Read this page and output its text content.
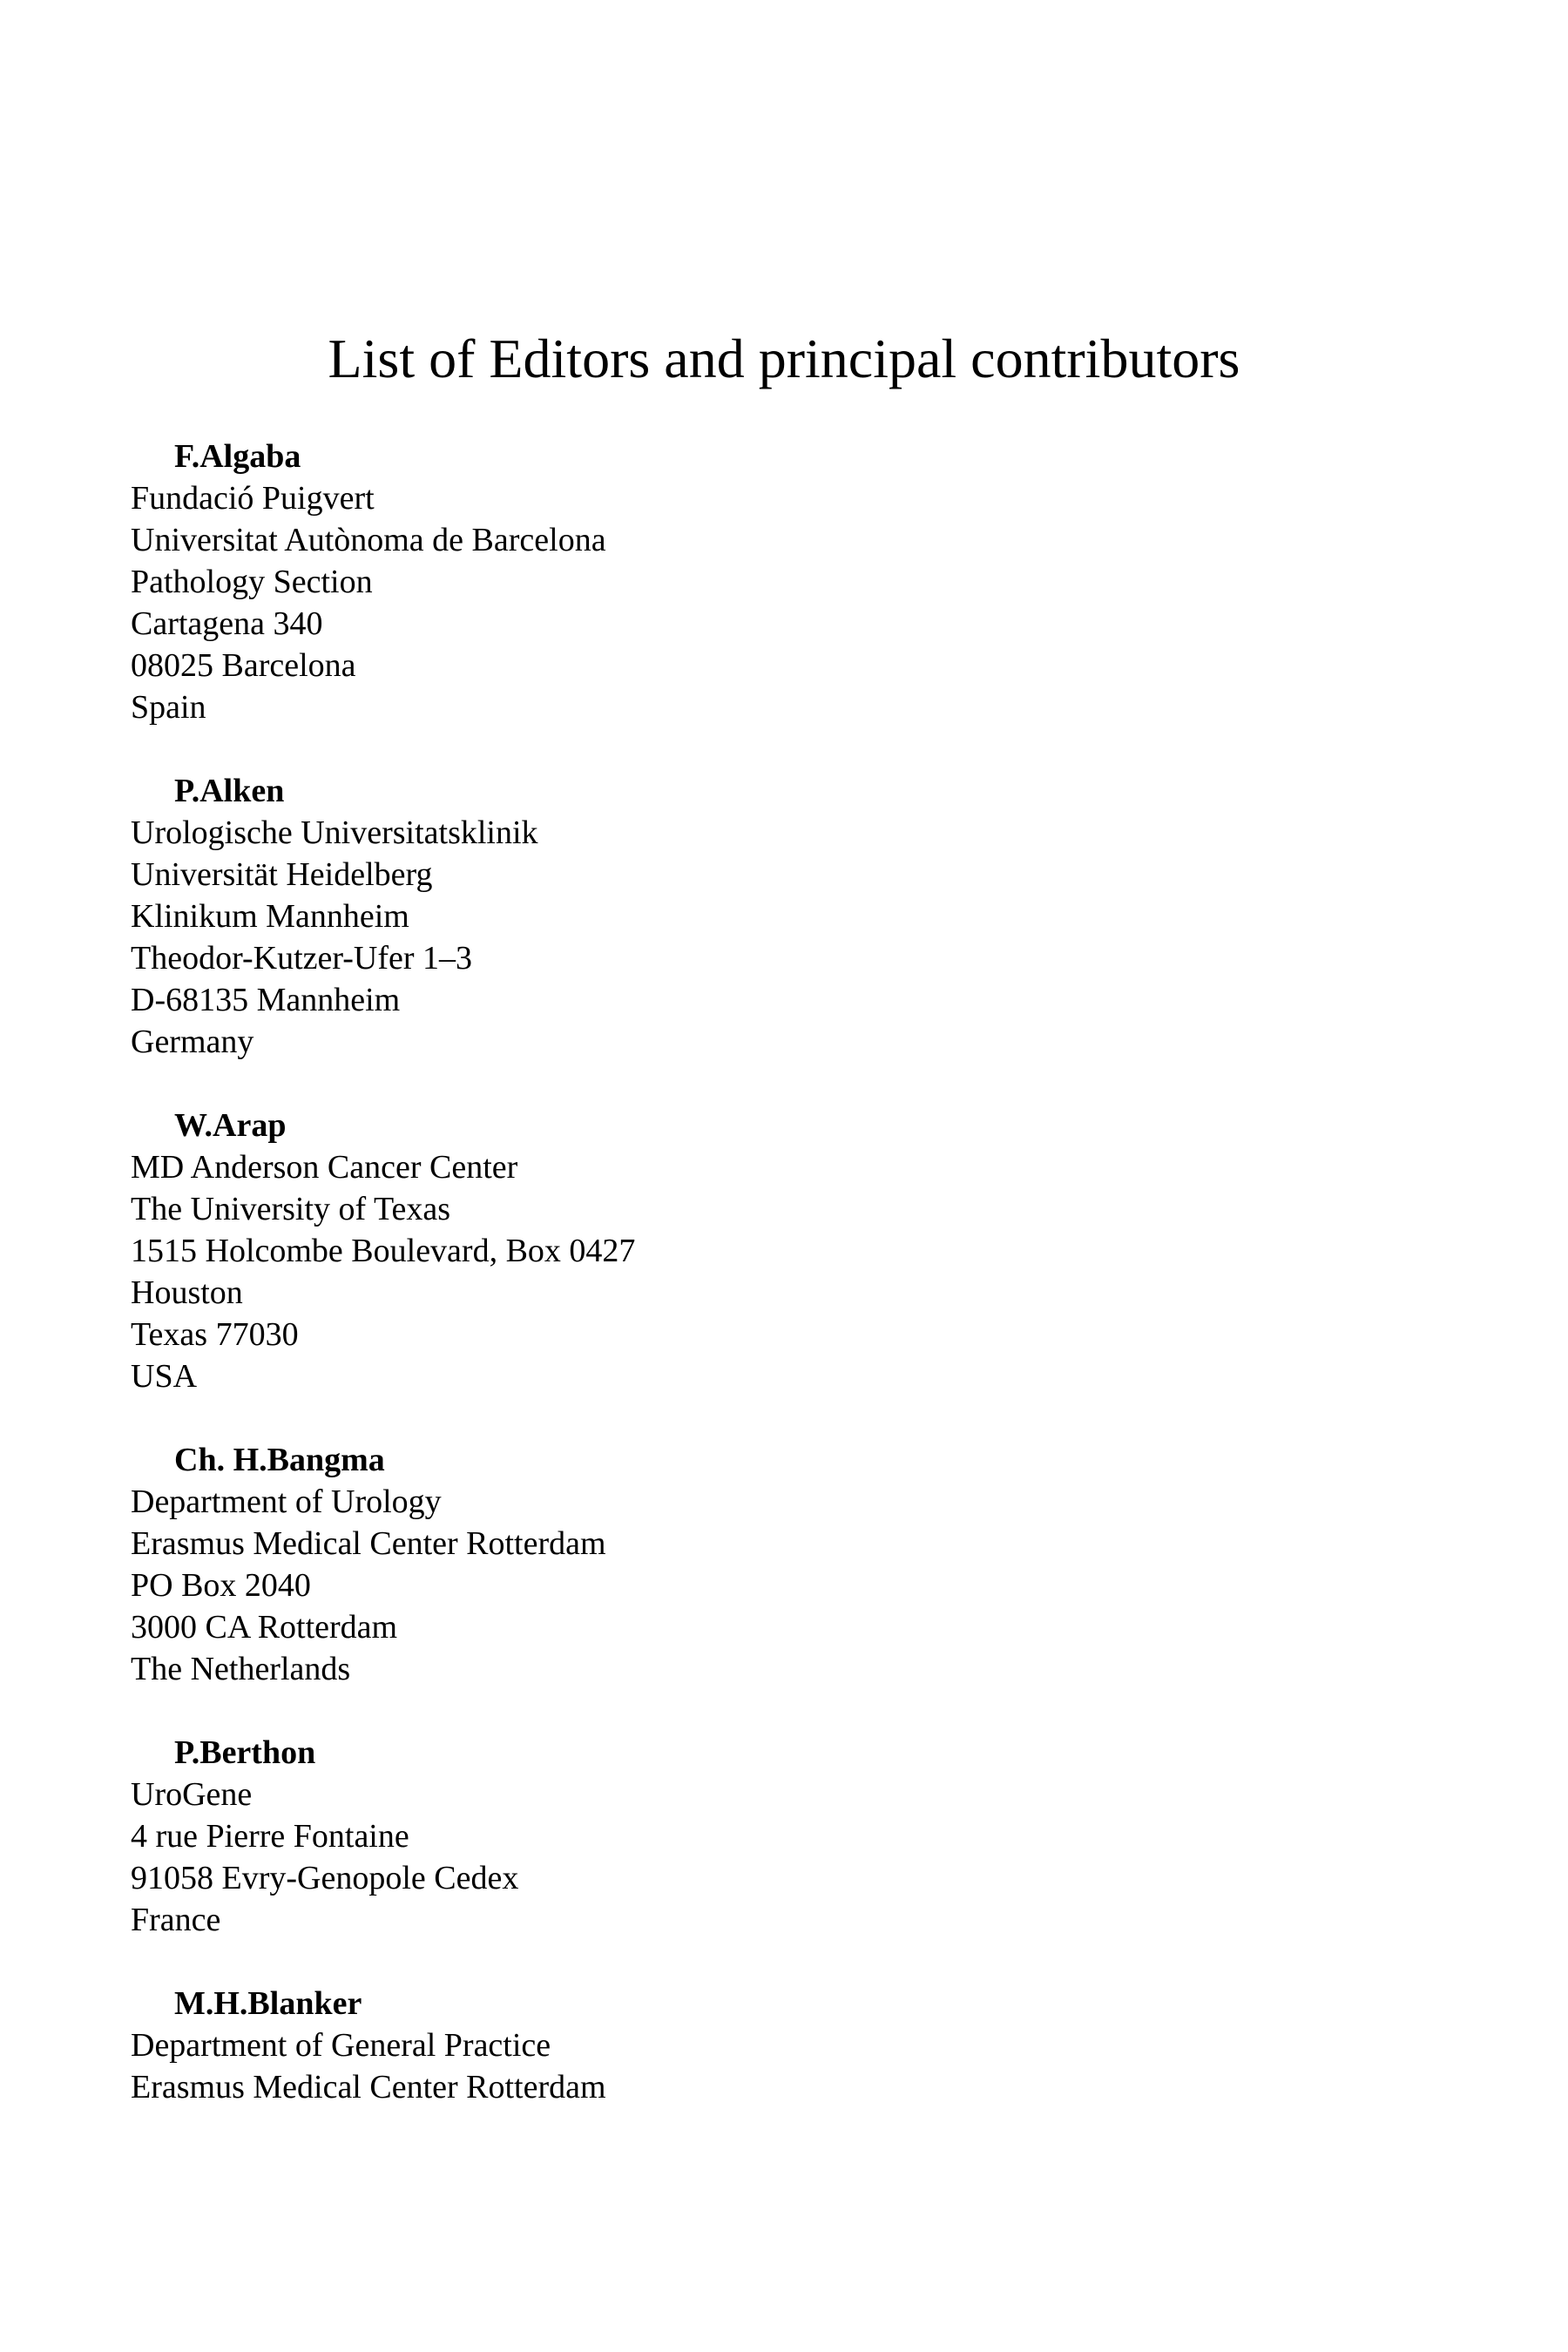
List of Editors and principal contributors
F.Algaba
Fundació Puigvert
Universitat Autònoma de Barcelona
Pathology Section
Cartagena 340
08025 Barcelona
Spain
P.Alken
Urologische Universitatsklinik
Universität Heidelberg
Klinikum Mannheim
Theodor-Kutzer-Ufer 1–3
D-68135 Mannheim
Germany
W.Arap
MD Anderson Cancer Center
The University of Texas
1515 Holcombe Boulevard, Box 0427
Houston
Texas 77030
USA
Ch. H.Bangma
Department of Urology
Erasmus Medical Center Rotterdam
PO Box 2040
3000 CA Rotterdam
The Netherlands
P.Berthon
UroGene
4 rue Pierre Fontaine
91058 Evry-Genopole Cedex
France
M.H.Blanker
Department of General Practice
Erasmus Medical Center Rotterdam
